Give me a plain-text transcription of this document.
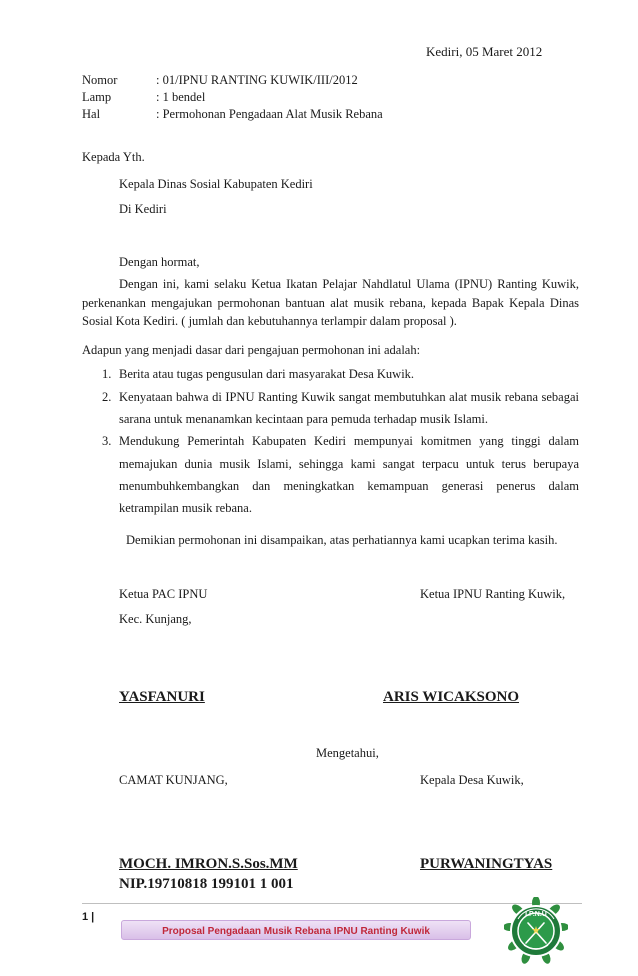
Kediri, 05 Maret 2012
Nomor	: 01/IPNU RANTING KUWIK/III/2012
Lamp	: 1 bendel
Hal	: Permohonan Pengadaan Alat Musik Rebana
Kepada Yth.
Kepala Dinas Sosial Kabupaten Kediri
Di Kediri
Dengan hormat,
Dengan ini, kami selaku Ketua Ikatan Pelajar Nahdlatul Ulama (IPNU) Ranting Kuwik,
perkenankan mengajukan permohonan bantuan alat musik rebana, kepada Bapak Kepala Dinas
Sosial Kota Kediri. ( jumlah dan kebutuhannya terlampir dalam proposal ).
Adapun yang menjadi dasar dari pengajuan permohonan ini adalah:
1. Berita atau tugas pengusulan dari masyarakat Desa Kuwik.
2. Kenyataan bahwa di IPNU Ranting Kuwik sangat membutuhkan alat musik rebana sebagai
sarana untuk menanamkan kecintaan para pemuda terhadap musik Islami.
3. Mendukung Pemerintah Kabupaten Kediri mempunyai komitmen yang tinggi dalam
memajukan dunia musik Islami, sehingga kami sangat terpacu untuk terus berupaya
menumbuhkembangkan dan meningkatkan kemampuan generasi penerus dalam
ketrampilan musik rebana.
Demikian permohonan ini disampaikan, atas perhatiannya kami ucapkan terima kasih.
Ketua PAC IPNU	Ketua IPNU Ranting Kuwik,
Kec. Kunjang,
YASFANURI	ARIS WICAKSONO
Mengetahui,
CAMAT KUNJANG,	Kepala Desa Kuwik,
MOCH. IMRON.S.Sos.MM	PURWANINGTYAS
NIP.19710818 199101 1 001
1 |
Proposal Pengadaan Musik Rebana IPNU Ranting Kuwik
I.P.N.U
